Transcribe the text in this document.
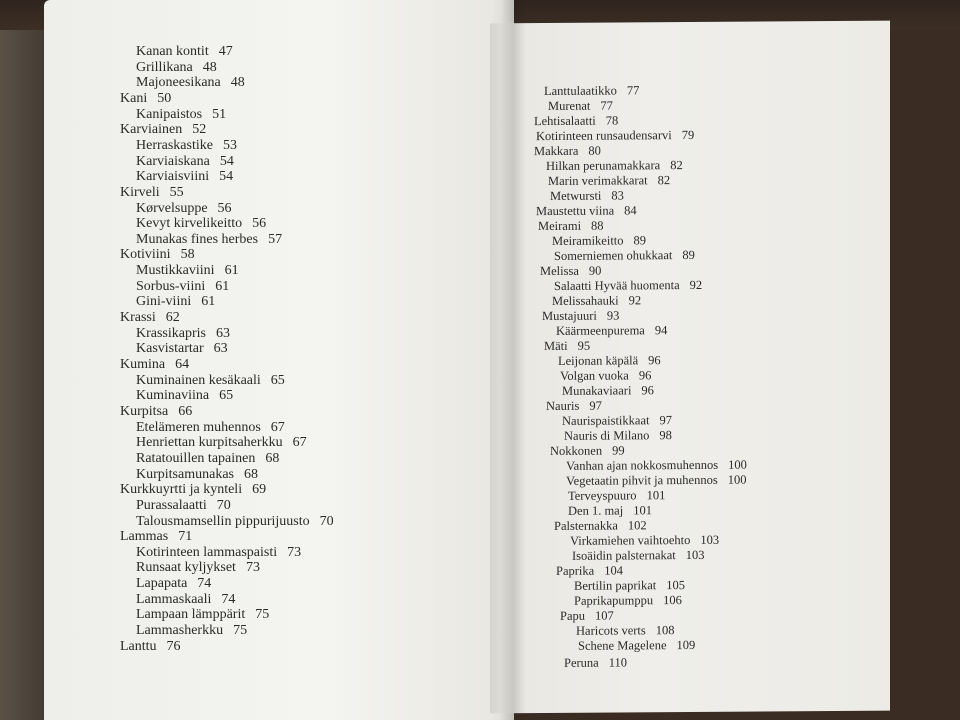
Kanan kontit 47
Grillikana 48
Majoneesikana 48
Kani 50
Kanipaistos 51
Karviainen 52
Herraskastike 53
Karviaiskana 54
Karviaisviini 54
Kirveli 55
Kørvelsuppe 56
Kevyt kirvelikeitto 56
Munakas fines herbes 57
Kotiviini 58
Mustikkaviini 61
Sorbus-viini 61
Gini-viini 61
Krassi 62
Krassikapris 63
Kasvistartar 63
Kumina 64
Kuminainen kesäkaali 65
Kuminaviina 65
Kurpitsa 66
Etelämeren muhennos 67
Henriettan kurpitsaherkku 67
Ratatouillen tapainen 68
Kurpitsamunakas 68
Kurkkuyrtti ja kynteli 69
Purassalaatti 70
Talousmamsellin pippurijuusto 70
Lammas 71
Kotirinteen lammaspaisti 73
Runsaat kyljykset 73
Lapapata 74
Lammaskaali 74
Lampaan lämppärit 75
Lammasherkku 75
Lanttu 76
Lanttulaatikko 77
Murenat 77
Lehtisalaatti 78
Kotirinteen runsaudensarvi 79
Makkara 80
Hilkan perunamakkara 82
Marin verimakkarat 82
Metwursti 83
Maustettu viina 84
Meirami 88
Meiramikeitto 89
Somerniemen ohukkaat 89
Melissa 90
Salaatti Hyvää huomenta 92
Melissahauki 92
Mustajuuri 93
Käärmeenpurema 94
Mäti 95
Leijonan käpälä 96
Volgan vuoka 96
Munakaviaari 96
Nauris 97
Naurispaistikkaat 97
Nauris di Milano 98
Nokkonen 99
Vanhan ajan nokkosmuhennos 100
Vegetaatin pihvit ja muhennos 100
Terveyspuuro 101
Den 1. maj 101
Palsternakka 102
Virkamiehen vaihtoehto 103
Isoäidin palsternakat 103
Paprika 104
Bertilin paprikat 105
Paprikapumppu 106
Papu 107
Haricots verts 108
Schene Magelene 109
Peruna 110
